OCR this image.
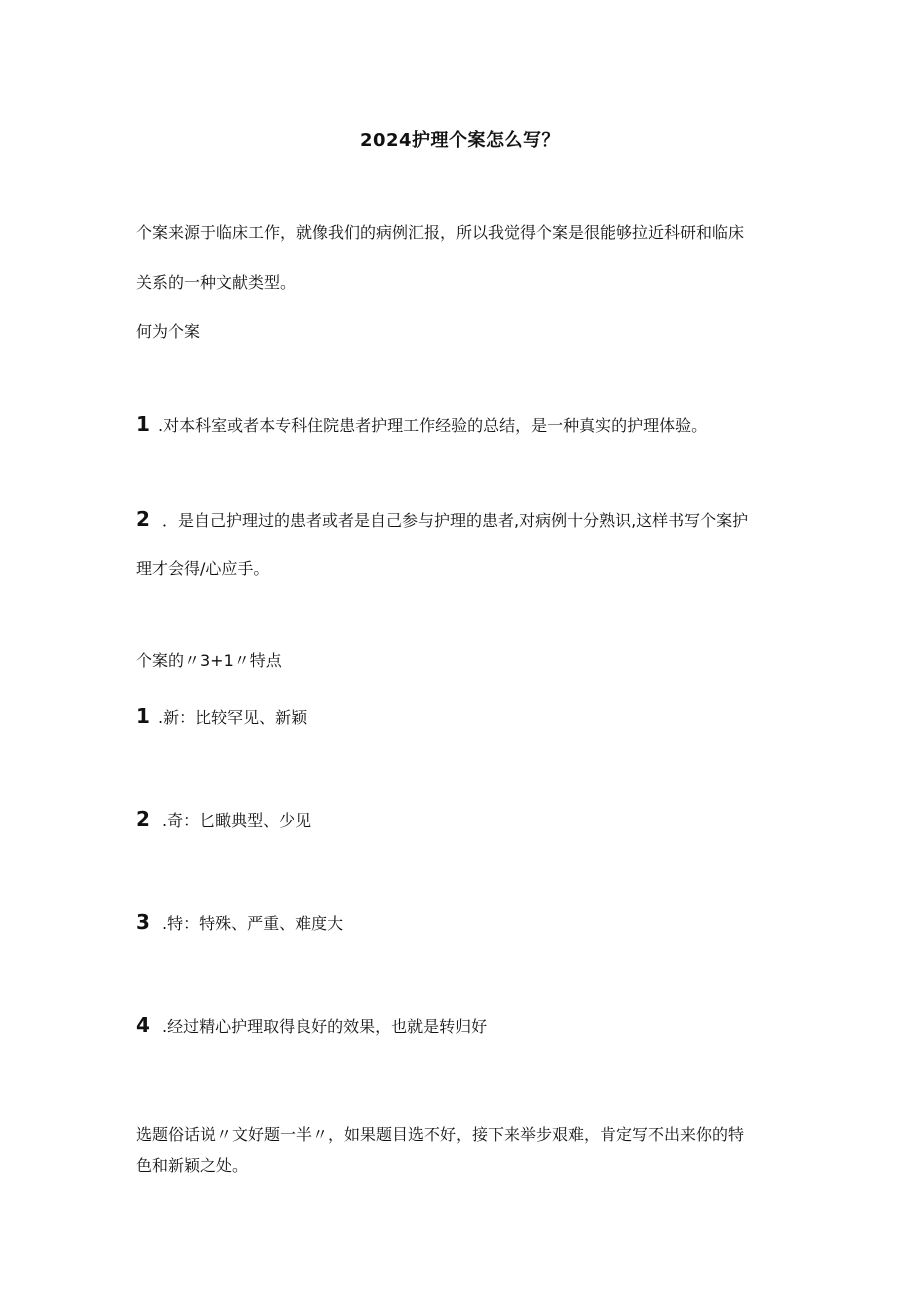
2024护理个案怎么写？
个案来源于临床工作，就像我们的病例汇报，所以我觉得个案是很能够拉近科研和临床
关系的一种文献类型。
何为个案
1 .对本科室或者本专科住院患者护理工作经验的总结，是一种真实的护理体验。
2 ．是自己护理过的患者或者是自己参与护理的患者,对病例十分熟识,这样书写个案护
理才会得/心应手。
个案的〃3+1〃特点
1 .新：比较罕见、新颖
2 .奇：匕瞰典型、少见
3 .特：特殊、严重、难度大
4 .经过精心护理取得良好的效果，也就是转归好
选题俗话说〃文好题一半〃，如果题目选不好，接下来举步艰难，肯定写不出来你的特
色和新颖之处。
